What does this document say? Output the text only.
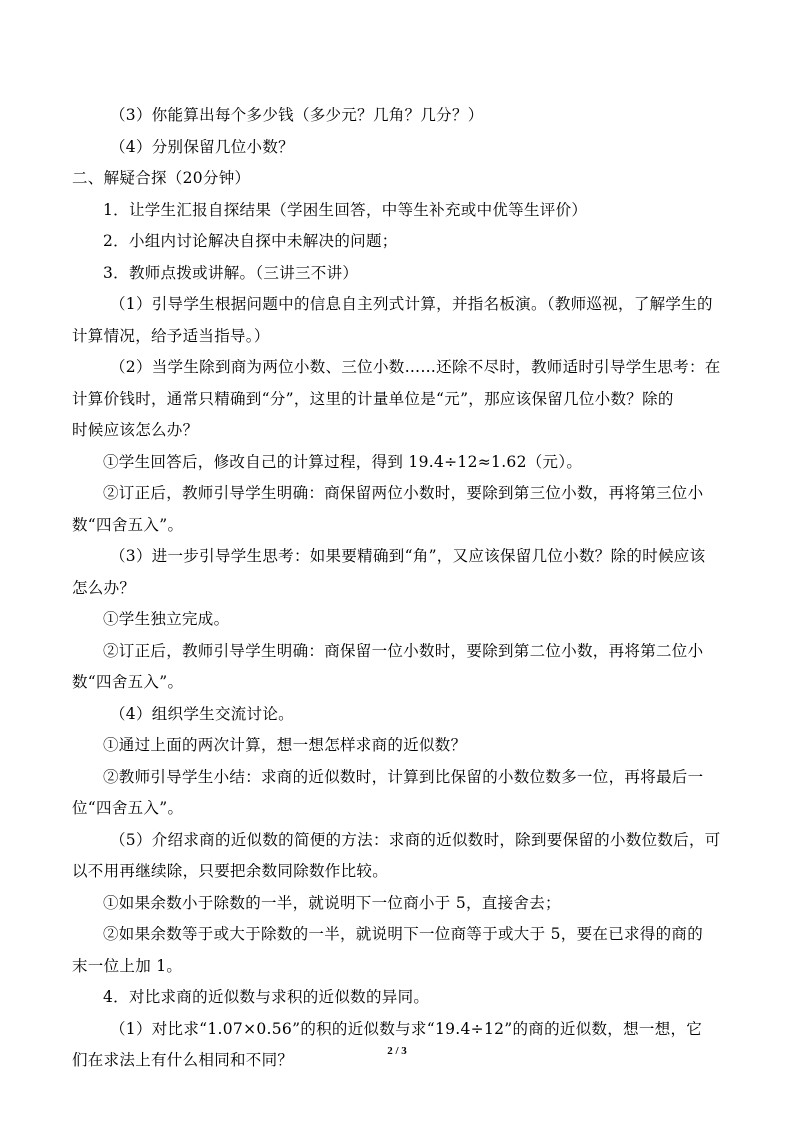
（3）你能算出每个多少钱（多少元？几角？几分？）
（4）分别保留几位小数？
二、解疑合探（20分钟）
1．让学生汇报自探结果（学困生回答，中等生补充或中优等生评价）
2．小组内讨论解决自探中未解决的问题；
3．教师点拨或讲解。（三讲三不讲）
（1）引导学生根据问题中的信息自主列式计算，并指名板演。（教师巡视，了解学生的
计算情况，给予适当指导。）
（2）当学生除到商为两位小数、三位小数……还除不尽时，教师适时引导学生思考：在
计算价钱时，通常只精确到“分”，这里的计量单位是“元”，那应该保留几位小数？除的
时候应该怎么办？
①学生回答后，修改自己的计算过程，得到 19.4÷12≈1.62（元）。
②订正后，教师引导学生明确：商保留两位小数时，要除到第三位小数，再将第三位小
数“四舍五入”。
（3）进一步引导学生思考：如果要精确到“角”，又应该保留几位小数？除的时候应该
怎么办？
①学生独立完成。
②订正后，教师引导学生明确：商保留一位小数时，要除到第二位小数，再将第二位小
数“四舍五入”。
（4）组织学生交流讨论。
①通过上面的两次计算，想一想怎样求商的近似数？
②教师引导学生小结：求商的近似数时，计算到比保留的小数位数多一位，再将最后一
位“四舍五入”。
（5）介绍求商的近似数的简便的方法：求商的近似数时，除到要保留的小数位数后，可
以不用再继续除，只要把余数同除数作比较。
①如果余数小于除数的一半，就说明下一位商小于 5，直接舍去；
②如果余数等于或大于除数的一半，就说明下一位商等于或大于 5，要在已求得的商的
末一位上加 1。
4．对比求商的近似数与求积的近似数的异同。
（1）对比求“1.07×0.56”的积的近似数与求“19.4÷12”的商的近似数，想一想，它
们在求法上有什么相同和不同？	2 / 3
